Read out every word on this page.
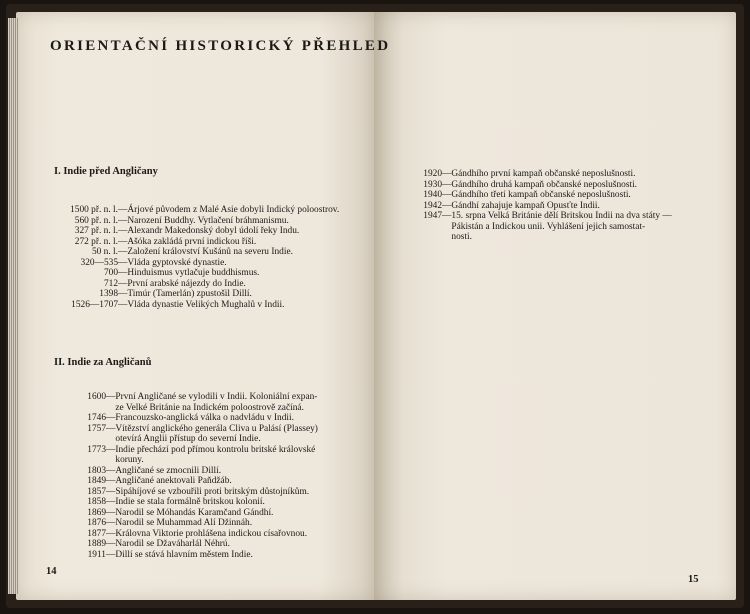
ORIENTAČNÍ HISTORICKÝ PŘEHLED
I. Indie před Angličany
1500 př. n. l. — Árjové původem z Malé Asie dobyli Indický poloostrov.
560 př. n. l. — Narození Buddhy. Vytlačení bráhmanismu.
327 př. n. l. — Alexandr Makedonský dobyl údolí řeky Indu.
272 př. n. l. — Ašóka zakládá první indickou říši.
50 n. l. — Založení království Kušánů na severu Indie.
320—535 — Vláda gyptovské dynastie.
700 — Hinduismus vytlačuje buddhismus.
712 — První arabské nájezdy do Indie.
1398 — Timúr (Tamerlán) zpustošil Dillí.
1526—1707 — Vláda dynastie Velikých Mughalů v Indii.
II. Indie za Angličanů
1600 — První Angličané se vylodili v Indii. Koloniální expan-
ze Velké Británie na Indickém poloostrově začíná.
1746 — Francouzsko-anglická válka o nadvládu v Indii.
1757 — Vítězství anglického generála Cliva u Palásí (Plassey)
otevírá Anglii přístup do severní Indie.
1773 — Indie přechází pod přímou kontrolu britské královské
koruny.
1803 — Angličané se zmocnili Dillí.
1849 — Angličané anektovali Paňdžáb.
1857 — Sipáhíjové se vzbouřili proti britským důstojníkům.
1858 — Indie se stala formálně britskou kolonií.
1869 — Narodil se Móhandás Karamčand Gándhí.
1876 — Narodil se Muhammad Alí Džinnáh.
1877 — Královna Viktorie prohlášena indickou císařovnou.
1889 — Narodil se Džaváharlál Néhrú.
1911 — Dillí se stává hlavním městem Indie.
1920 — Gándhího první kampaň občanské neposlušnosti.
1930 — Gándhího druhá kampaň občanské neposlušnosti.
1940 — Gándhího třetí kampaň občanské neposlušnosti.
1942 — Gándhí zahajuje kampaň Opusťte Indii.
1947 — 15. srpna Velká Británie dělí Britskou Indii na dva státy —
Pákistán a Indickou unii. Vyhlášení jejich samostat-
nosti.
14
15
